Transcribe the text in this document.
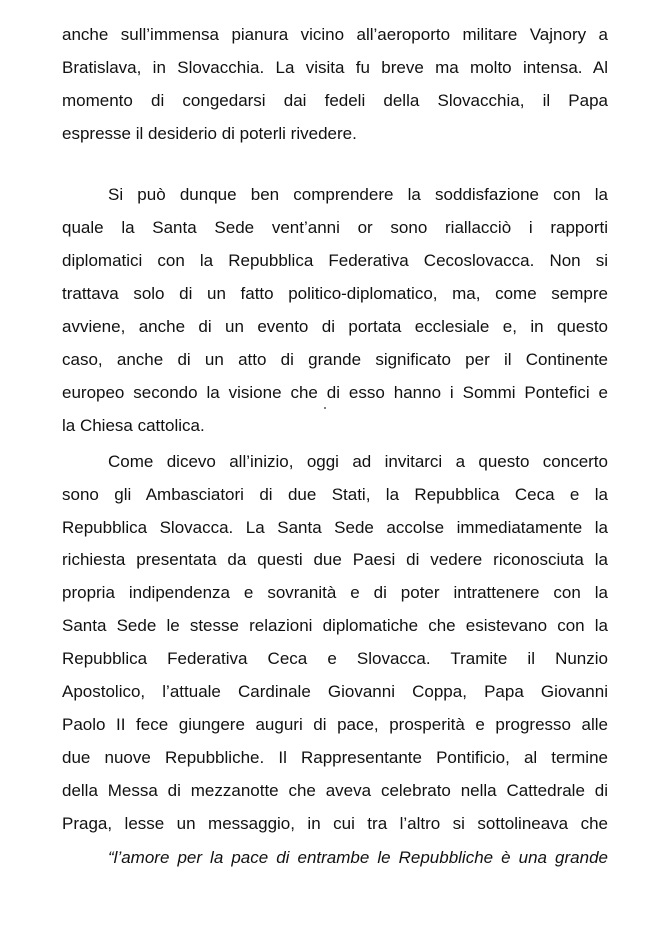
anche sull’immensa pianura vicino all’aeroporto militare Vajnory a
Bratislava, in Slovacchia. La visita fu breve ma molto intensa. Al
momento di congedarsi dai fedeli della Slovacchia, il Papa
espresse il desiderio di poterli rivedere.
Si può dunque ben comprendere la soddisfazione con la
quale la Santa Sede vent’anni or sono riallacciò i rapporti
diplomatici con la Repubblica Federativa Cecoslovacca. Non si
trattava solo di un fatto politico-diplomatico, ma, come sempre
avviene, anche di un evento di portata ecclesiale e, in questo
caso, anche di un atto di grande significato per il Continente
europeo secondo la visione che di esso hanno i Sommi Pontefici e
la Chiesa cattolica.
Come dicevo all’inizio, oggi ad invitarci a questo concerto
sono gli Ambasciatori di due Stati, la Repubblica Ceca e la
Repubblica Slovacca. La Santa Sede accolse immediatamente la
richiesta presentata da questi due Paesi di vedere riconosciuta la
propria indipendenza e sovranità e di poter intrattenere con la
Santa Sede le stesse relazioni diplomatiche che esistevano con la
Repubblica Federativa Ceca e Slovacca. Tramite il Nunzio
Apostolico, l’attuale Cardinale Giovanni Coppa, Papa Giovanni
Paolo II fece giungere auguri di pace, prosperità e progresso alle
due nuove Repubbliche. Il Rappresentante Pontificio, al termine
della Messa di mezzanotte che aveva celebrato nella Cattedrale di
Praga, lesse un messaggio, in cui tra l’altro si sottolineava che
“l’amore per la pace di entrambe le Repubbliche è una grande
